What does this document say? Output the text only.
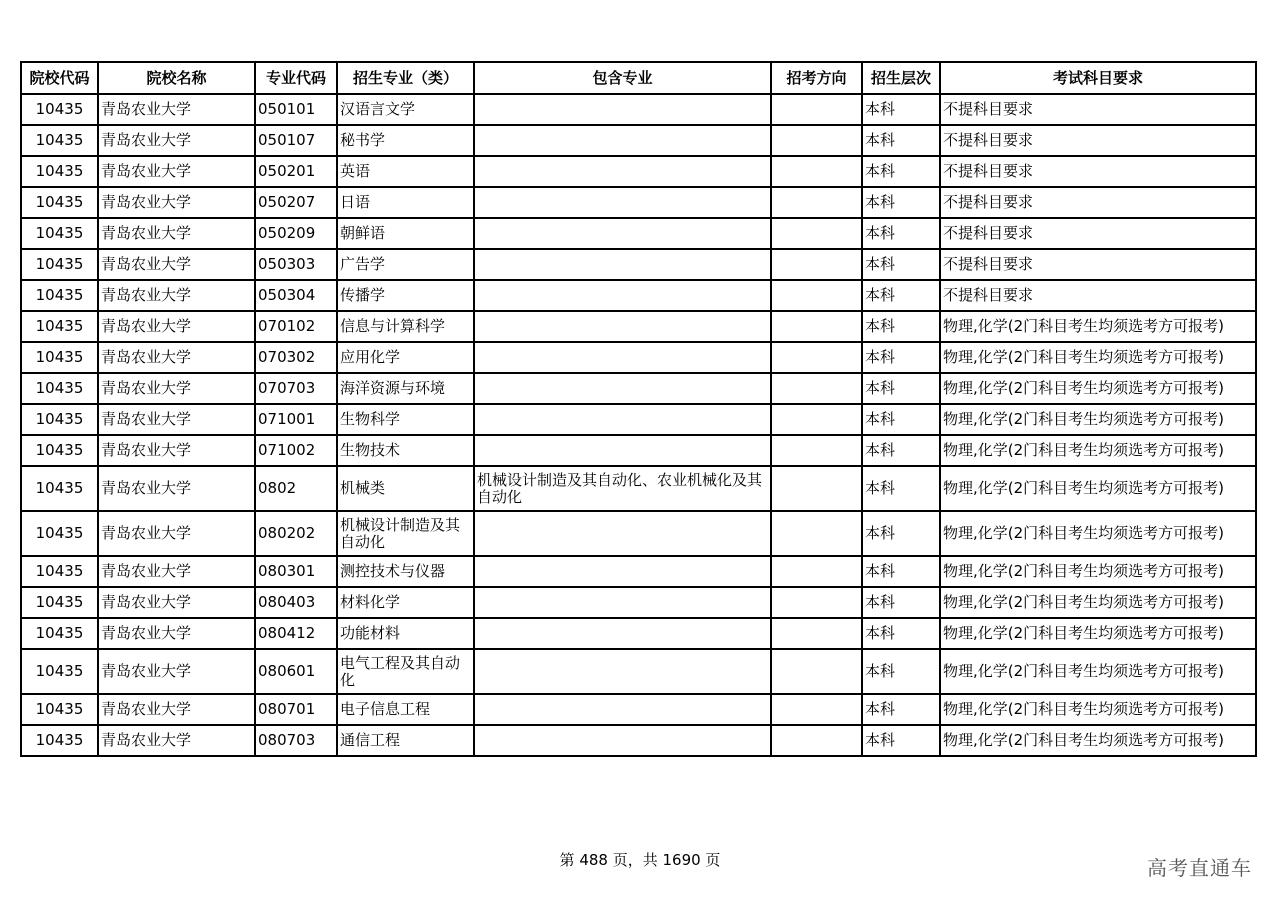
院校代码	院校名称	专业代码	招生专业（类）	包含专业	招考方向	招生层次	考试科目要求
10435	青岛农业大学	050101	汉语言文学			本科	不提科目要求
10435	青岛农业大学	050107	秘书学			本科	不提科目要求
10435	青岛农业大学	050201	英语			本科	不提科目要求
10435	青岛农业大学	050207	日语			本科	不提科目要求
10435	青岛农业大学	050209	朝鲜语			本科	不提科目要求
10435	青岛农业大学	050303	广告学			本科	不提科目要求
10435	青岛农业大学	050304	传播学			本科	不提科目要求
10435	青岛农业大学	070102	信息与计算科学			本科	物理,化学(2门科目考生均须选考方可报考)
10435	青岛农业大学	070302	应用化学			本科	物理,化学(2门科目考生均须选考方可报考)
10435	青岛农业大学	070703	海洋资源与环境			本科	物理,化学(2门科目考生均须选考方可报考)
10435	青岛农业大学	071001	生物科学			本科	物理,化学(2门科目考生均须选考方可报考)
10435	青岛农业大学	071002	生物技术			本科	物理,化学(2门科目考生均须选考方可报考)
10435	青岛农业大学	0802	机械类	机械设计制造及其自动化、农业机械化及其自动化		本科	物理,化学(2门科目考生均须选考方可报考)
10435	青岛农业大学	080202	机械设计制造及其自动化			本科	物理,化学(2门科目考生均须选考方可报考)
10435	青岛农业大学	080301	测控技术与仪器			本科	物理,化学(2门科目考生均须选考方可报考)
10435	青岛农业大学	080403	材料化学			本科	物理,化学(2门科目考生均须选考方可报考)
10435	青岛农业大学	080412	功能材料			本科	物理,化学(2门科目考生均须选考方可报考)
10435	青岛农业大学	080601	电气工程及其自动化			本科	物理,化学(2门科目考生均须选考方可报考)
10435	青岛农业大学	080701	电子信息工程			本科	物理,化学(2门科目考生均须选考方可报考)
10435	青岛农业大学	080703	通信工程			本科	物理,化学(2门科目考生均须选考方可报考)
第 488 页，共 1690 页	高考直通车
